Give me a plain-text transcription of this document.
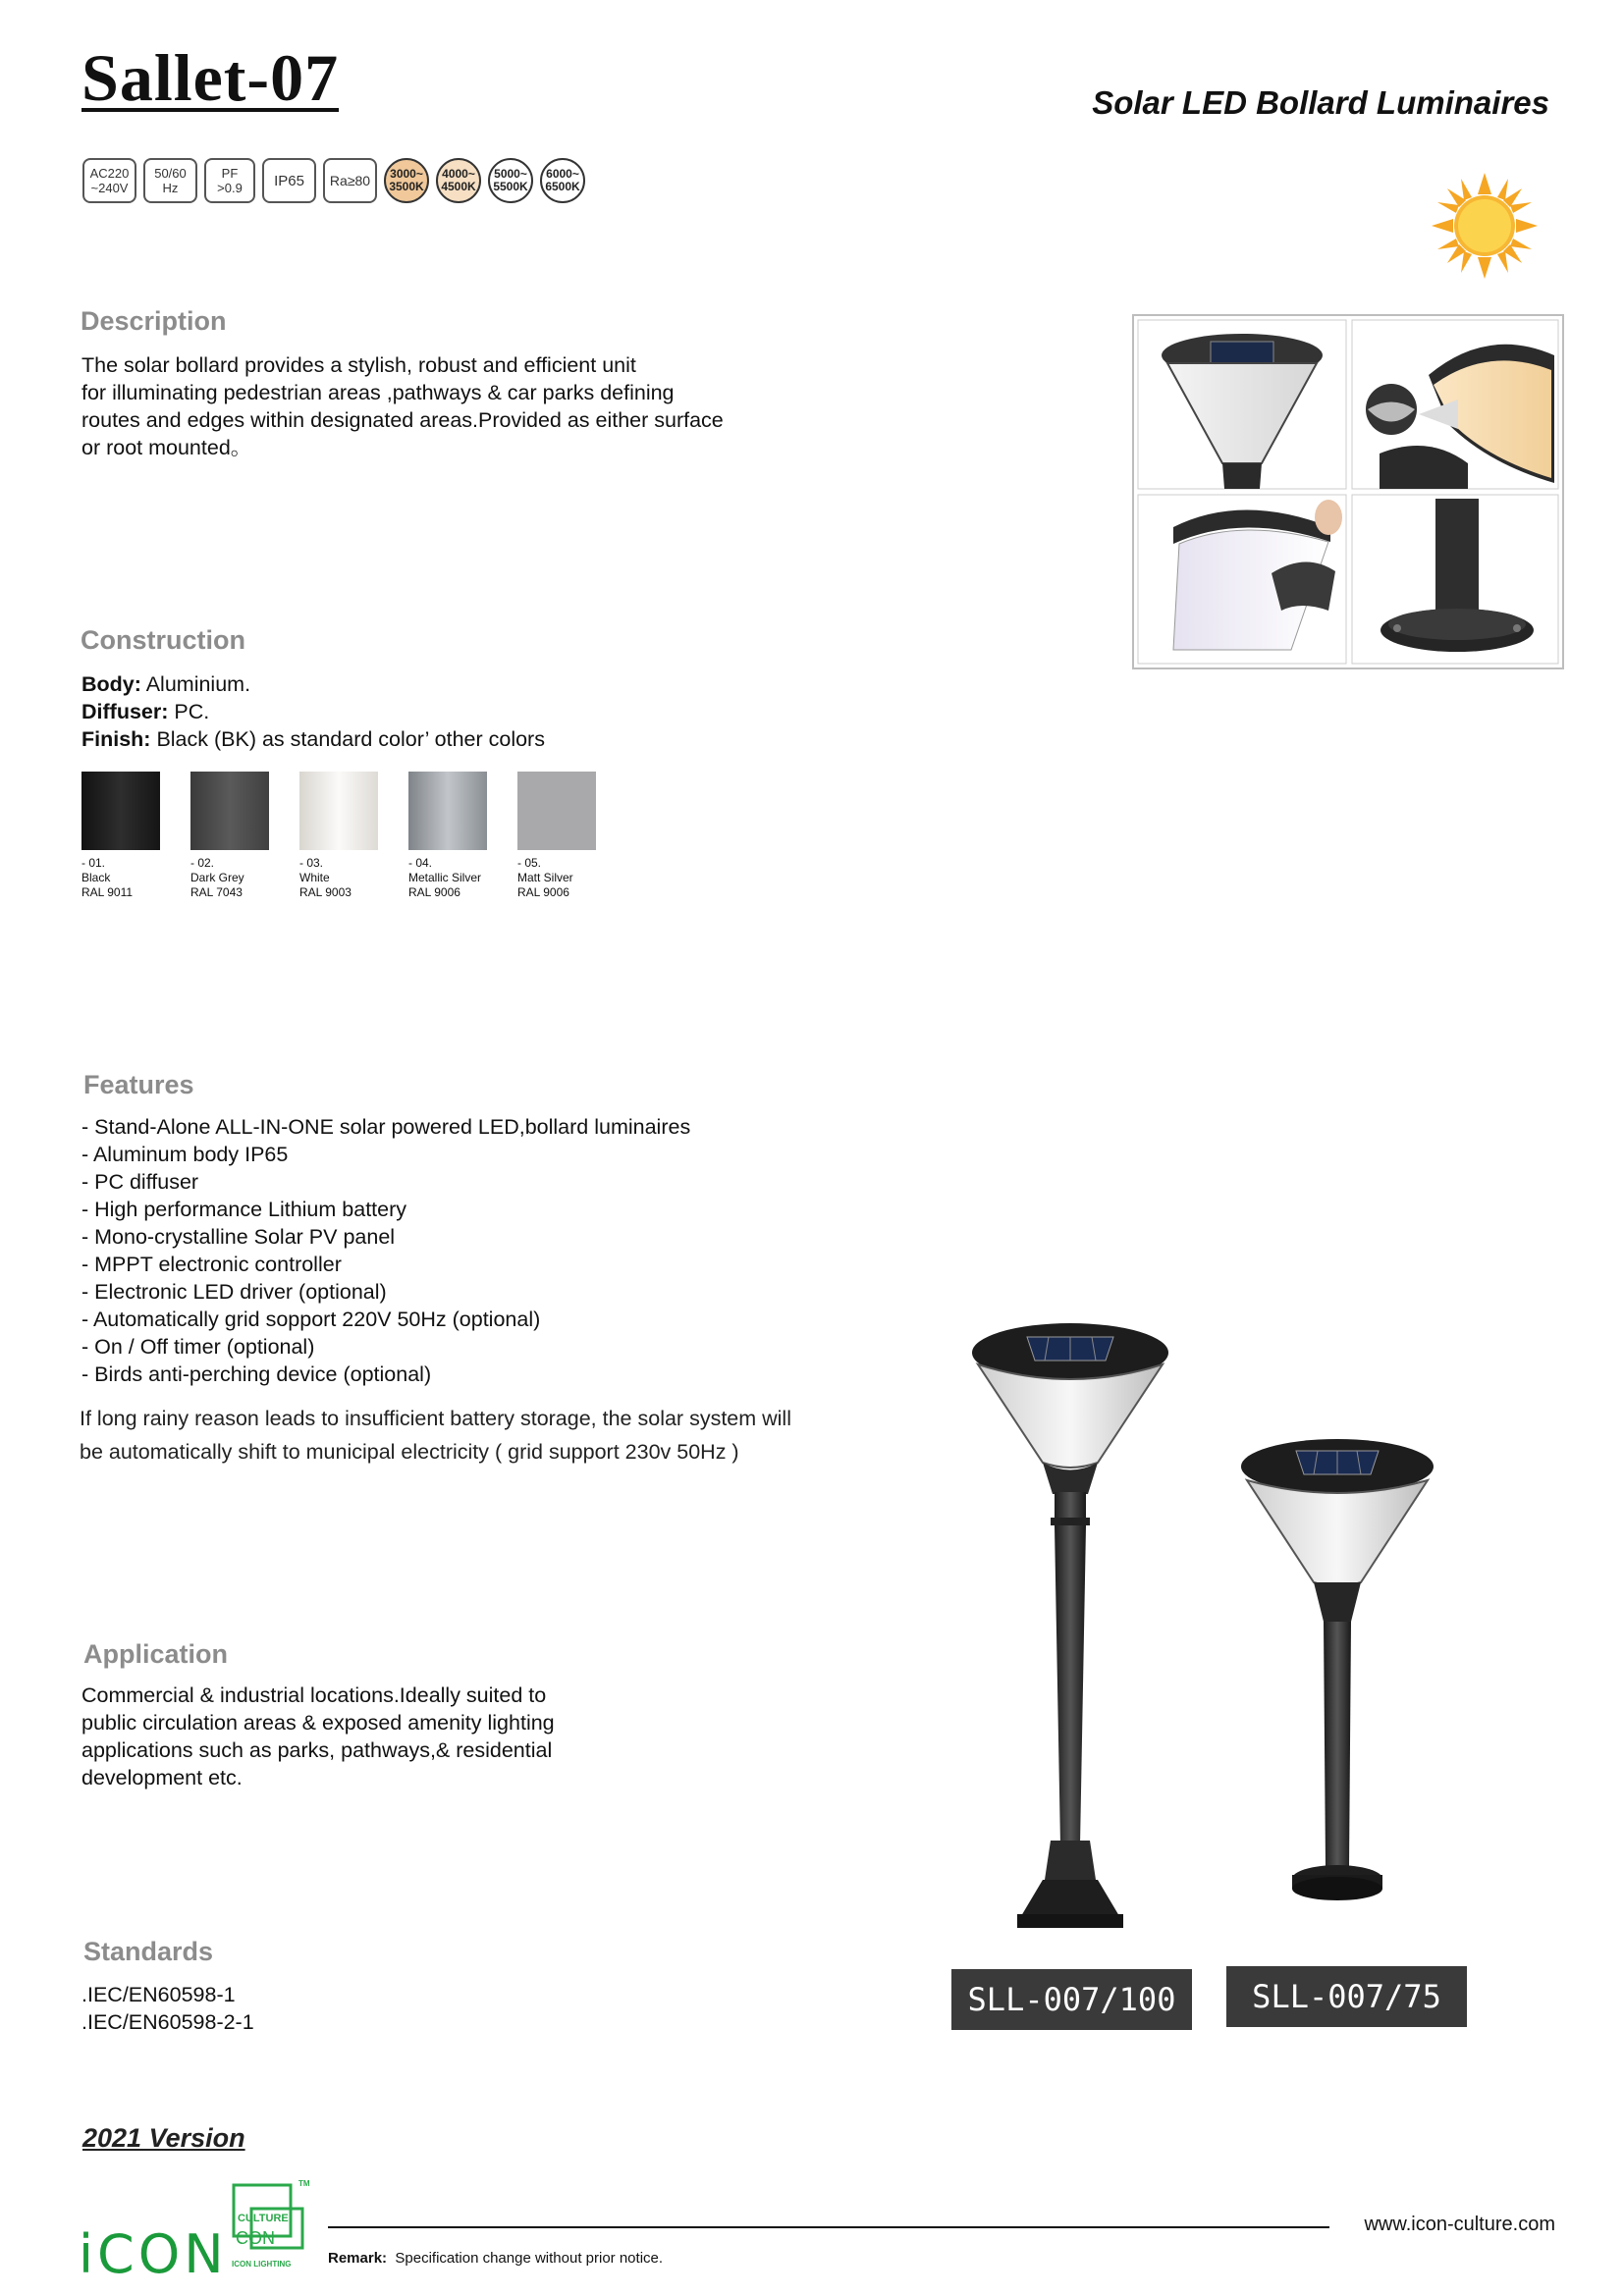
Sallet-07	Solar LED Bollard Luminaires
AC220
~240V
50/60
Hz
PF
>0.9 IP65 Ra≥80 3000~
3500K
4000~
4500K
5000~
5500K
6000~
6500K
Description
The solar bollard provides a stylish, robust and efficient unit
for illuminating pedestrian areas ,pathways & car parks defining
routes and edges within designated areas.Provided as either surface
or root mounted。
Construction
Body: Aluminium.
Diffuser: PC.
Finish: Black (BK) as standard color’ other colors
- 01.
Black
RAL 9011
- 02.
Dark Grey
RAL 7043
- 03.
White
RAL 9003
- 04.
Metallic Silver
RAL 9006
- 05.
Matt Silver
RAL 9006
Features
- Stand-Alone ALL-IN-ONE solar powered LED,bollard luminaires
- Aluminum body IP65
- PC diffuser
- High performance Lithium battery
- Mono-crystalline Solar PV panel
- MPPT electronic controller
- Electronic LED driver (optional)
- Automatically grid sopport 220V 50Hz (optional)
- On / Off timer (optional)
- Birds anti-perching device (optional)
If long rainy reason leads to insufficient battery storage, the solar system will
be automatically shift to municipal electricity ( grid support 230v 50Hz )
SLL-007/100	SLL-007/75
Application
Commercial & industrial locations.Ideally suited to
public circulation areas & exposed amenity lighting
applications such as parks, pathways,& residential
development etc.
Standards
.IEC/EN60598-1
.IEC/EN60598-2-1
2021 Version
iCON
TM
CULTURE
CON
ICON LIGHTING
www.icon-culture.com
Remark: Specification change without prior notice.
